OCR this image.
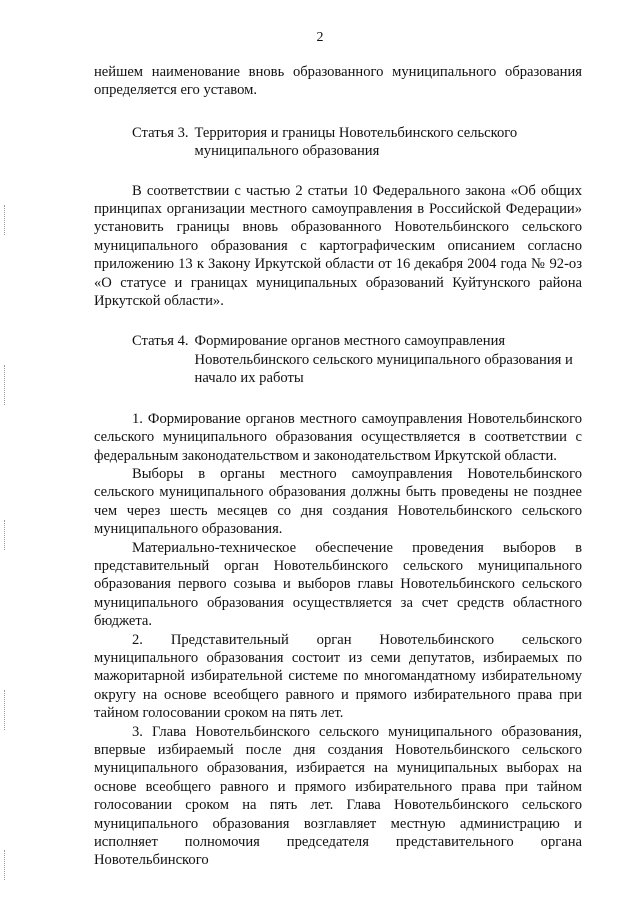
2

нейшем наименование вновь образованного муниципального образования определяется его уставом.

Статья 3. Территория и границы Новотельбинского сельского муниципального образования

В соответствии с частью 2 статьи 10 Федерального закона «Об общих принципах организации местного самоуправления в Российской Федерации» установить границы вновь образованного Новотельбинского сельского муниципального образования с картографическим описанием согласно приложению 13 к Закону Иркутской области от 16 декабря 2004 года № 92-оз «О статусе и границах муниципальных образований Куйтунского района Иркутской области».

Статья 4. Формирование органов местного самоуправления Новотельбинского сельского муниципального образования и начало их работы

1. Формирование органов местного самоуправления Новотельбинского сельского муниципального образования осуществляется в соответствии с федеральным законодательством и законодательством Иркутской области.

Выборы в органы местного самоуправления Новотельбинского сельского муниципального образования должны быть проведены не позднее чем через шесть месяцев со дня создания Новотельбинского сельского муниципального образования.

Материально-техническое обеспечение проведения выборов в представительный орган Новотельбинского сельского муниципального образования первого созыва и выборов главы Новотельбинского сельского муниципального образования осуществляется за счет средств областного бюджета.

2. Представительный орган Новотельбинского сельского муниципального образования состоит из семи депутатов, избираемых по мажоритарной избирательной системе по многомандатному избирательному округу на основе всеобщего равного и прямого избирательного права при тайном голосовании сроком на пять лет.

3. Глава Новотельбинского сельского муниципального образования, впервые избираемый после дня создания Новотельбинского сельского муниципального образования, избирается на муниципальных выборах на основе всеобщего равного и прямого избирательного права при тайном голосовании сроком на пять лет. Глава Новотельбинского сельского муниципального образования возглавляет местную администрацию и исполняет полномочия председателя представительного органа Новотельбинского
